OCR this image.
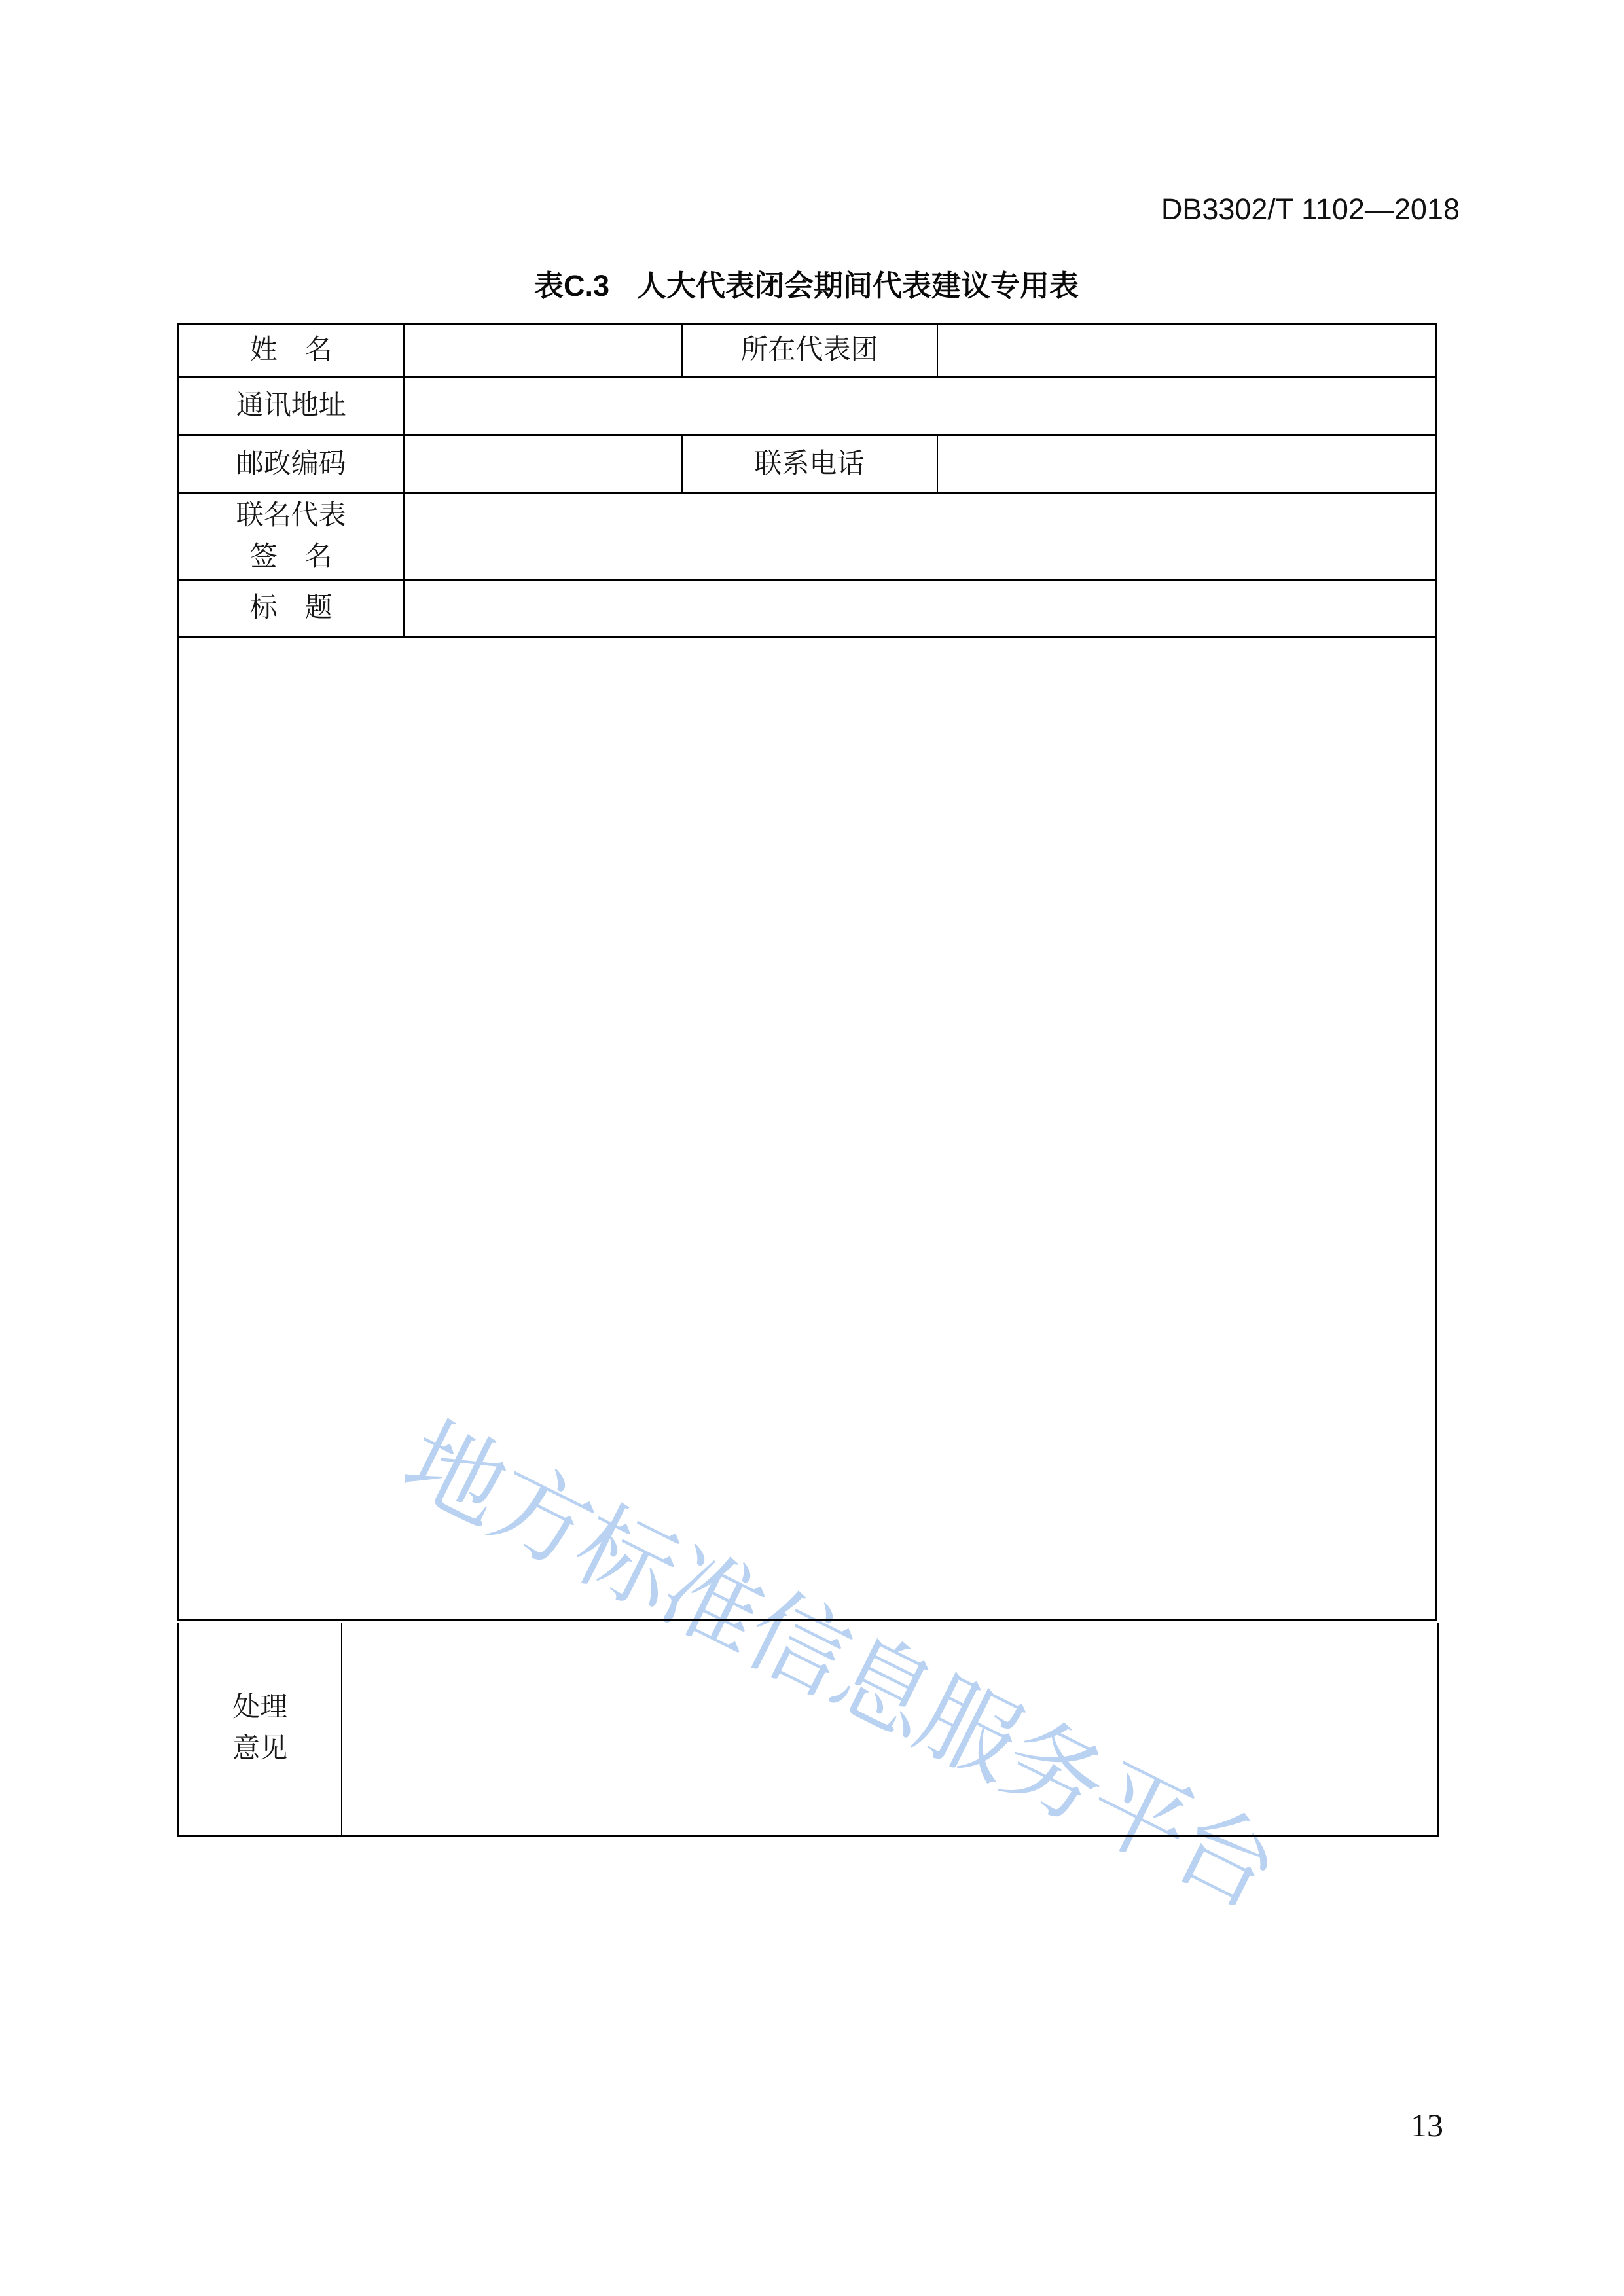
DB3302/T 1102—2018
表C.3 人大代表闭会期间代表建议专用表
地方标准信息服务平台
姓　名		所在代表团	
通讯地址			
邮政编码		联系电话	

联名代表
签　名			

标　题			

处理
意见

13
